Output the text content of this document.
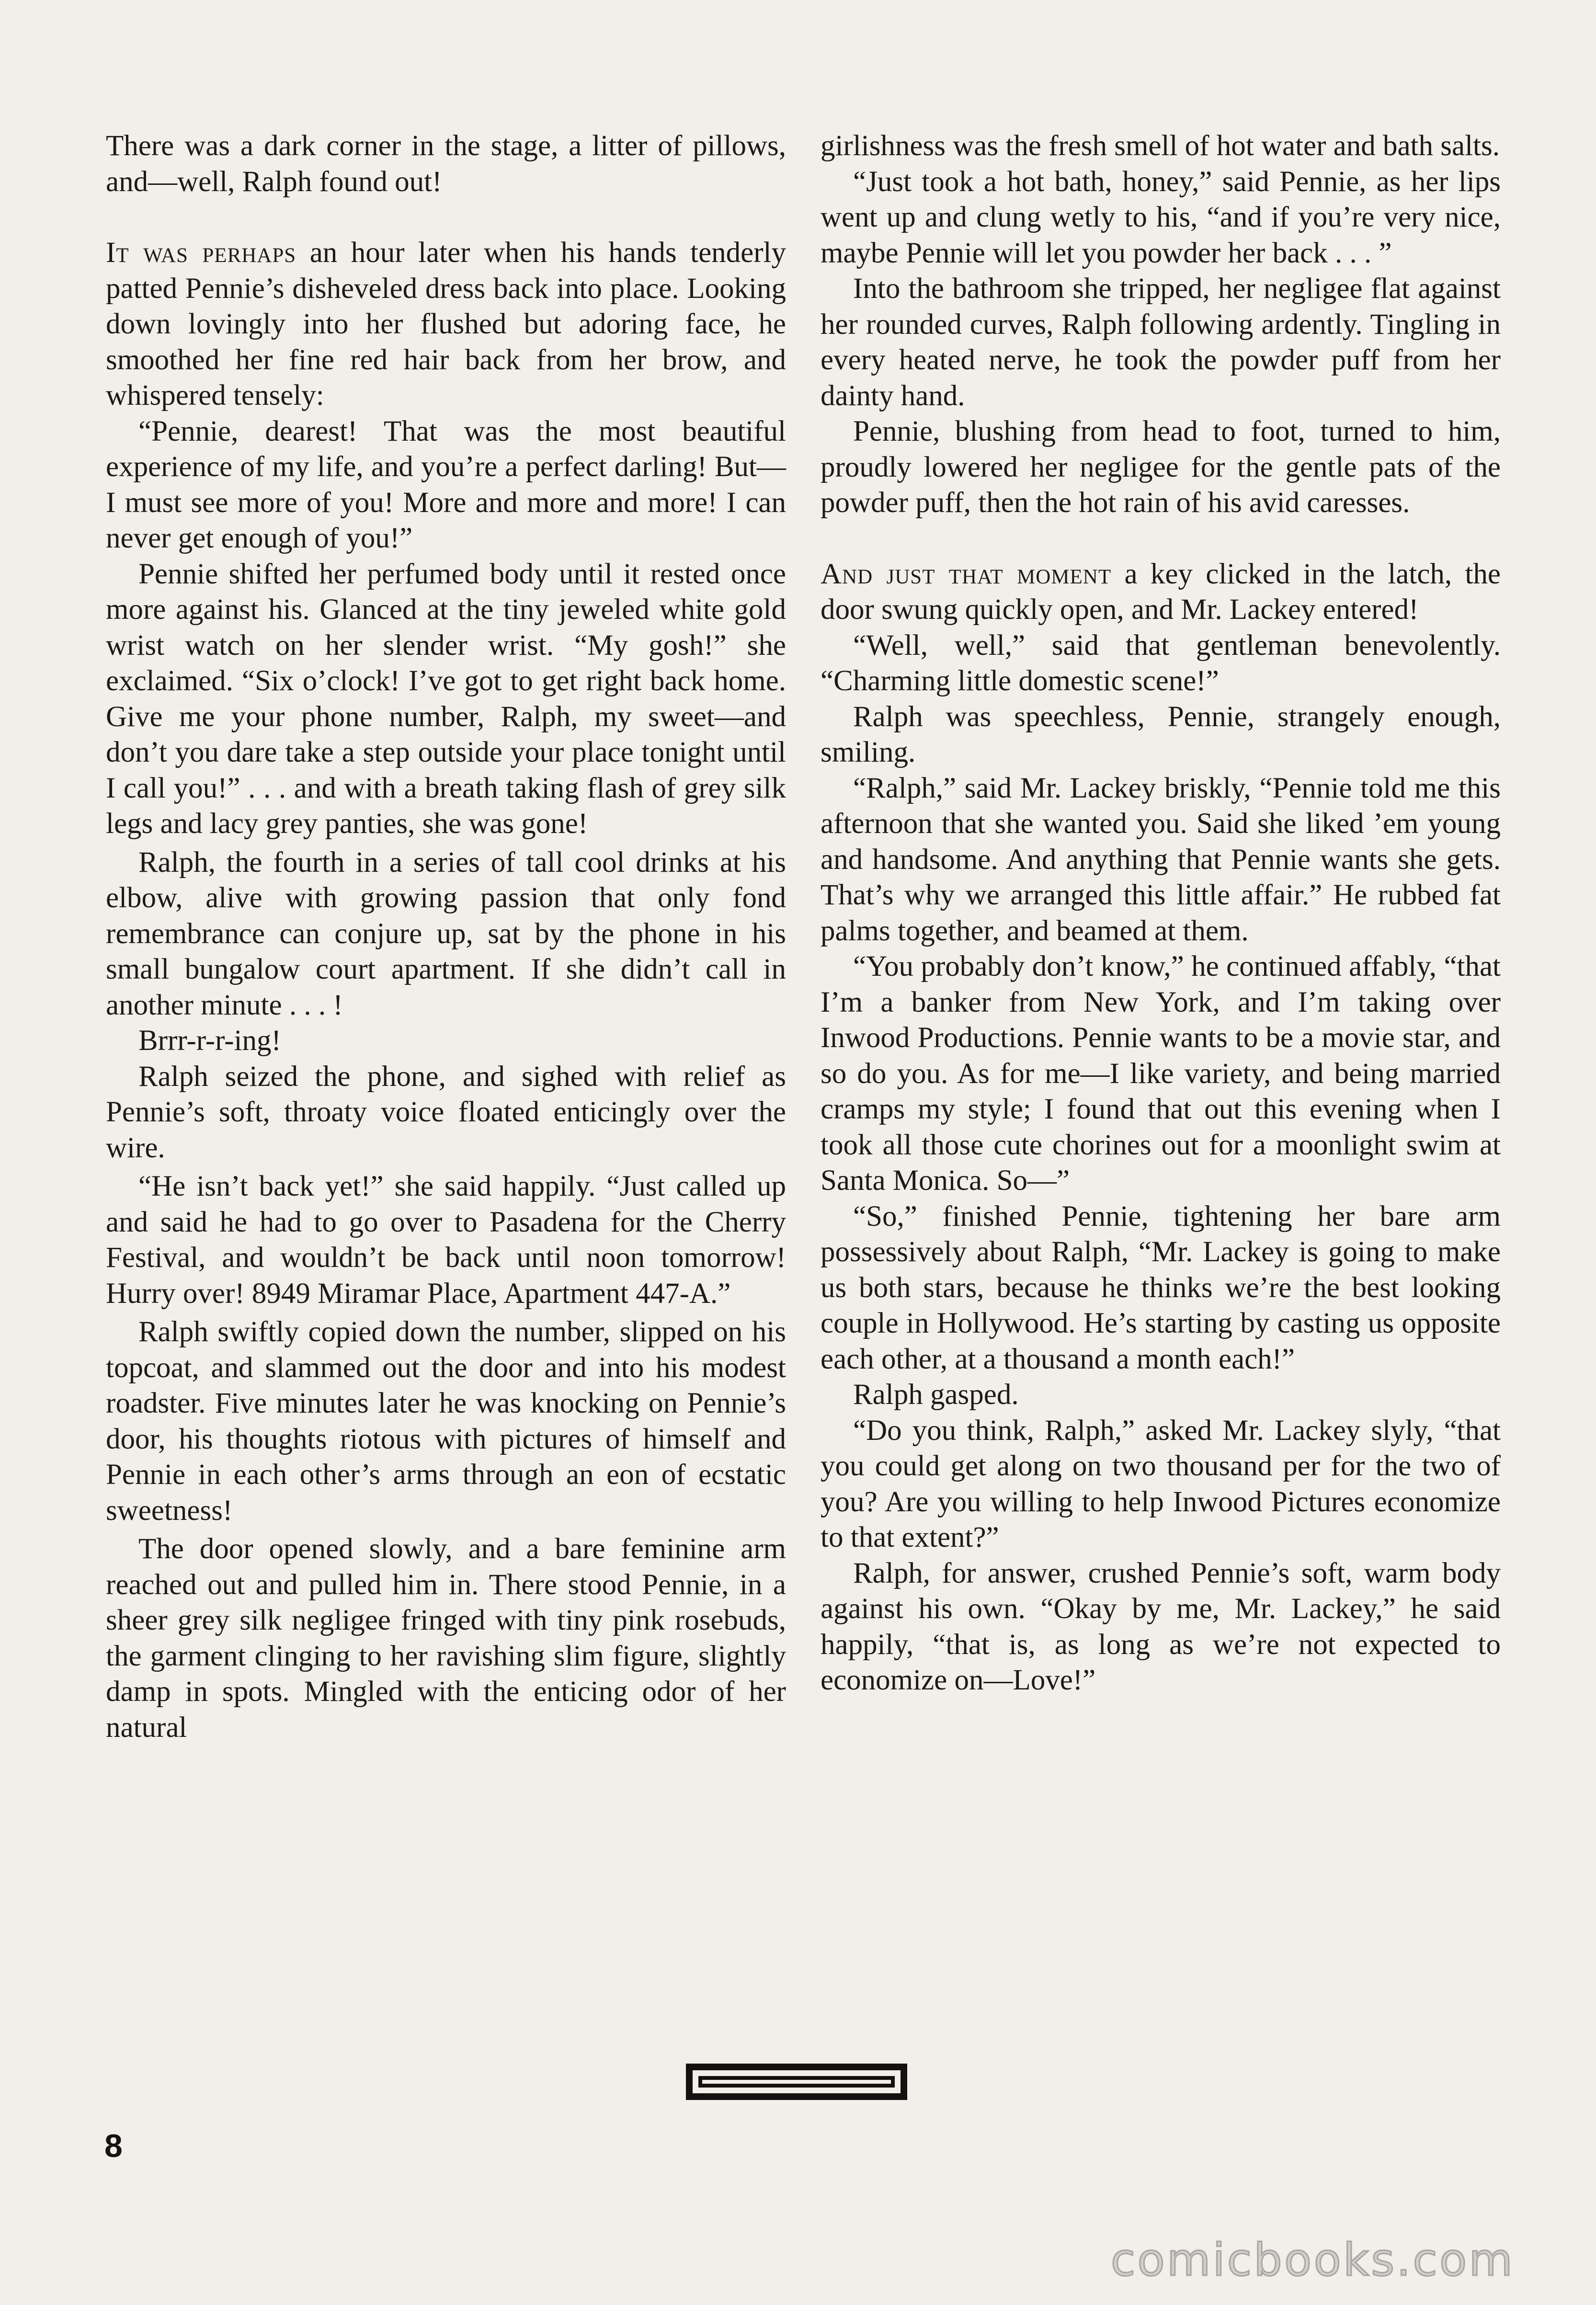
There was a dark corner in the stage, a litter of pillows, and—well, Ralph found out!

It was perhaps an hour later when his hands tenderly patted Pennie’s disheveled dress back into place. Looking down lovingly into her flushed but adoring face, he smoothed her fine red hair back from her brow, and whispered tensely:

“Pennie, dearest! That was the most beautiful experience of my life, and you’re a perfect darling! But—I must see more of you! More and more and more! I can never get enough of you!”

Pennie shifted her perfumed body until it rested once more against his. Glanced at the tiny jeweled white gold wrist watch on her slender wrist. “My gosh!” she exclaimed. “Six o’clock! I’ve got to get right back home. Give me your phone number, Ralph, my sweet—and don’t you dare take a step outside your place tonight until I call you!” . . . and with a breath taking flash of grey silk legs and lacy grey panties, she was gone!

Ralph, the fourth in a series of tall cool drinks at his elbow, alive with growing passion that only fond remembrance can conjure up, sat by the phone in his small bungalow court apartment. If she didn’t call in another minute . . . !

Brrr-r-r-ing!

Ralph seized the phone, and sighed with relief as Pennie’s soft, throaty voice floated enticingly over the wire.

“He isn’t back yet!” she said happily. “Just called up and said he had to go over to Pasadena for the Cherry Festival, and wouldn’t be back until noon tomorrow! Hurry over! 8949 Miramar Place, Apartment 447-A.”

Ralph swiftly copied down the number, slipped on his topcoat, and slammed out the door and into his modest roadster. Five minutes later he was knocking on Pennie’s door, his thoughts riotous with pictures of himself and Pennie in each other’s arms through an eon of ecstatic sweetness!

The door opened slowly, and a bare feminine arm reached out and pulled him in. There stood Pennie, in a sheer grey silk negligee fringed with tiny pink rosebuds, the garment clinging to her ravishing slim figure, slightly damp in spots. Mingled with the enticing odor of her natural

girlishness was the fresh smell of hot water and bath salts.

“Just took a hot bath, honey,” said Pennie, as her lips went up and clung wetly to his, “and if you’re very nice, maybe Pennie will let you powder her back . . . ”

Into the bathroom she tripped, her negligee flat against her rounded curves, Ralph following ardently. Tingling in every heated nerve, he took the powder puff from her dainty hand.

Pennie, blushing from head to foot, turned to him, proudly lowered her negligee for the gentle pats of the powder puff, then the hot rain of his avid caresses.

And just that moment a key clicked in the latch, the door swung quickly open, and Mr. Lackey entered!

“Well, well,” said that gentleman benevolently. “Charming little domestic scene!”

Ralph was speechless, Pennie, strangely enough, smiling.

“Ralph,” said Mr. Lackey briskly, “Pennie told me this afternoon that she wanted you. Said she liked ’em young and handsome. And anything that Pennie wants she gets. That’s why we arranged this little affair.” He rubbed fat palms together, and beamed at them.

“You probably don’t know,” he continued affably, “that I’m a banker from New York, and I’m taking over Inwood Productions. Pennie wants to be a movie star, and so do you. As for me—I like variety, and being married cramps my style; I found that out this evening when I took all those cute chorines out for a moonlight swim at Santa Monica. So—”

“So,” finished Pennie, tightening her bare arm possessively about Ralph, “Mr. Lackey is going to make us both stars, because he thinks we’re the best looking couple in Hollywood. He’s starting by casting us opposite each other, at a thousand a month each!”

Ralph gasped.

“Do you think, Ralph,” asked Mr. Lackey slyly, “that you could get along on two thousand per for the two of you? Are you willing to help Inwood Pictures economize to that extent?”

Ralph, for answer, crushed Pennie’s soft, warm body against his own. “Okay by me, Mr. Lackey,” he said happily, “that is, as long as we’re not expected to economize on—Love!”

8
comicbooks.com
